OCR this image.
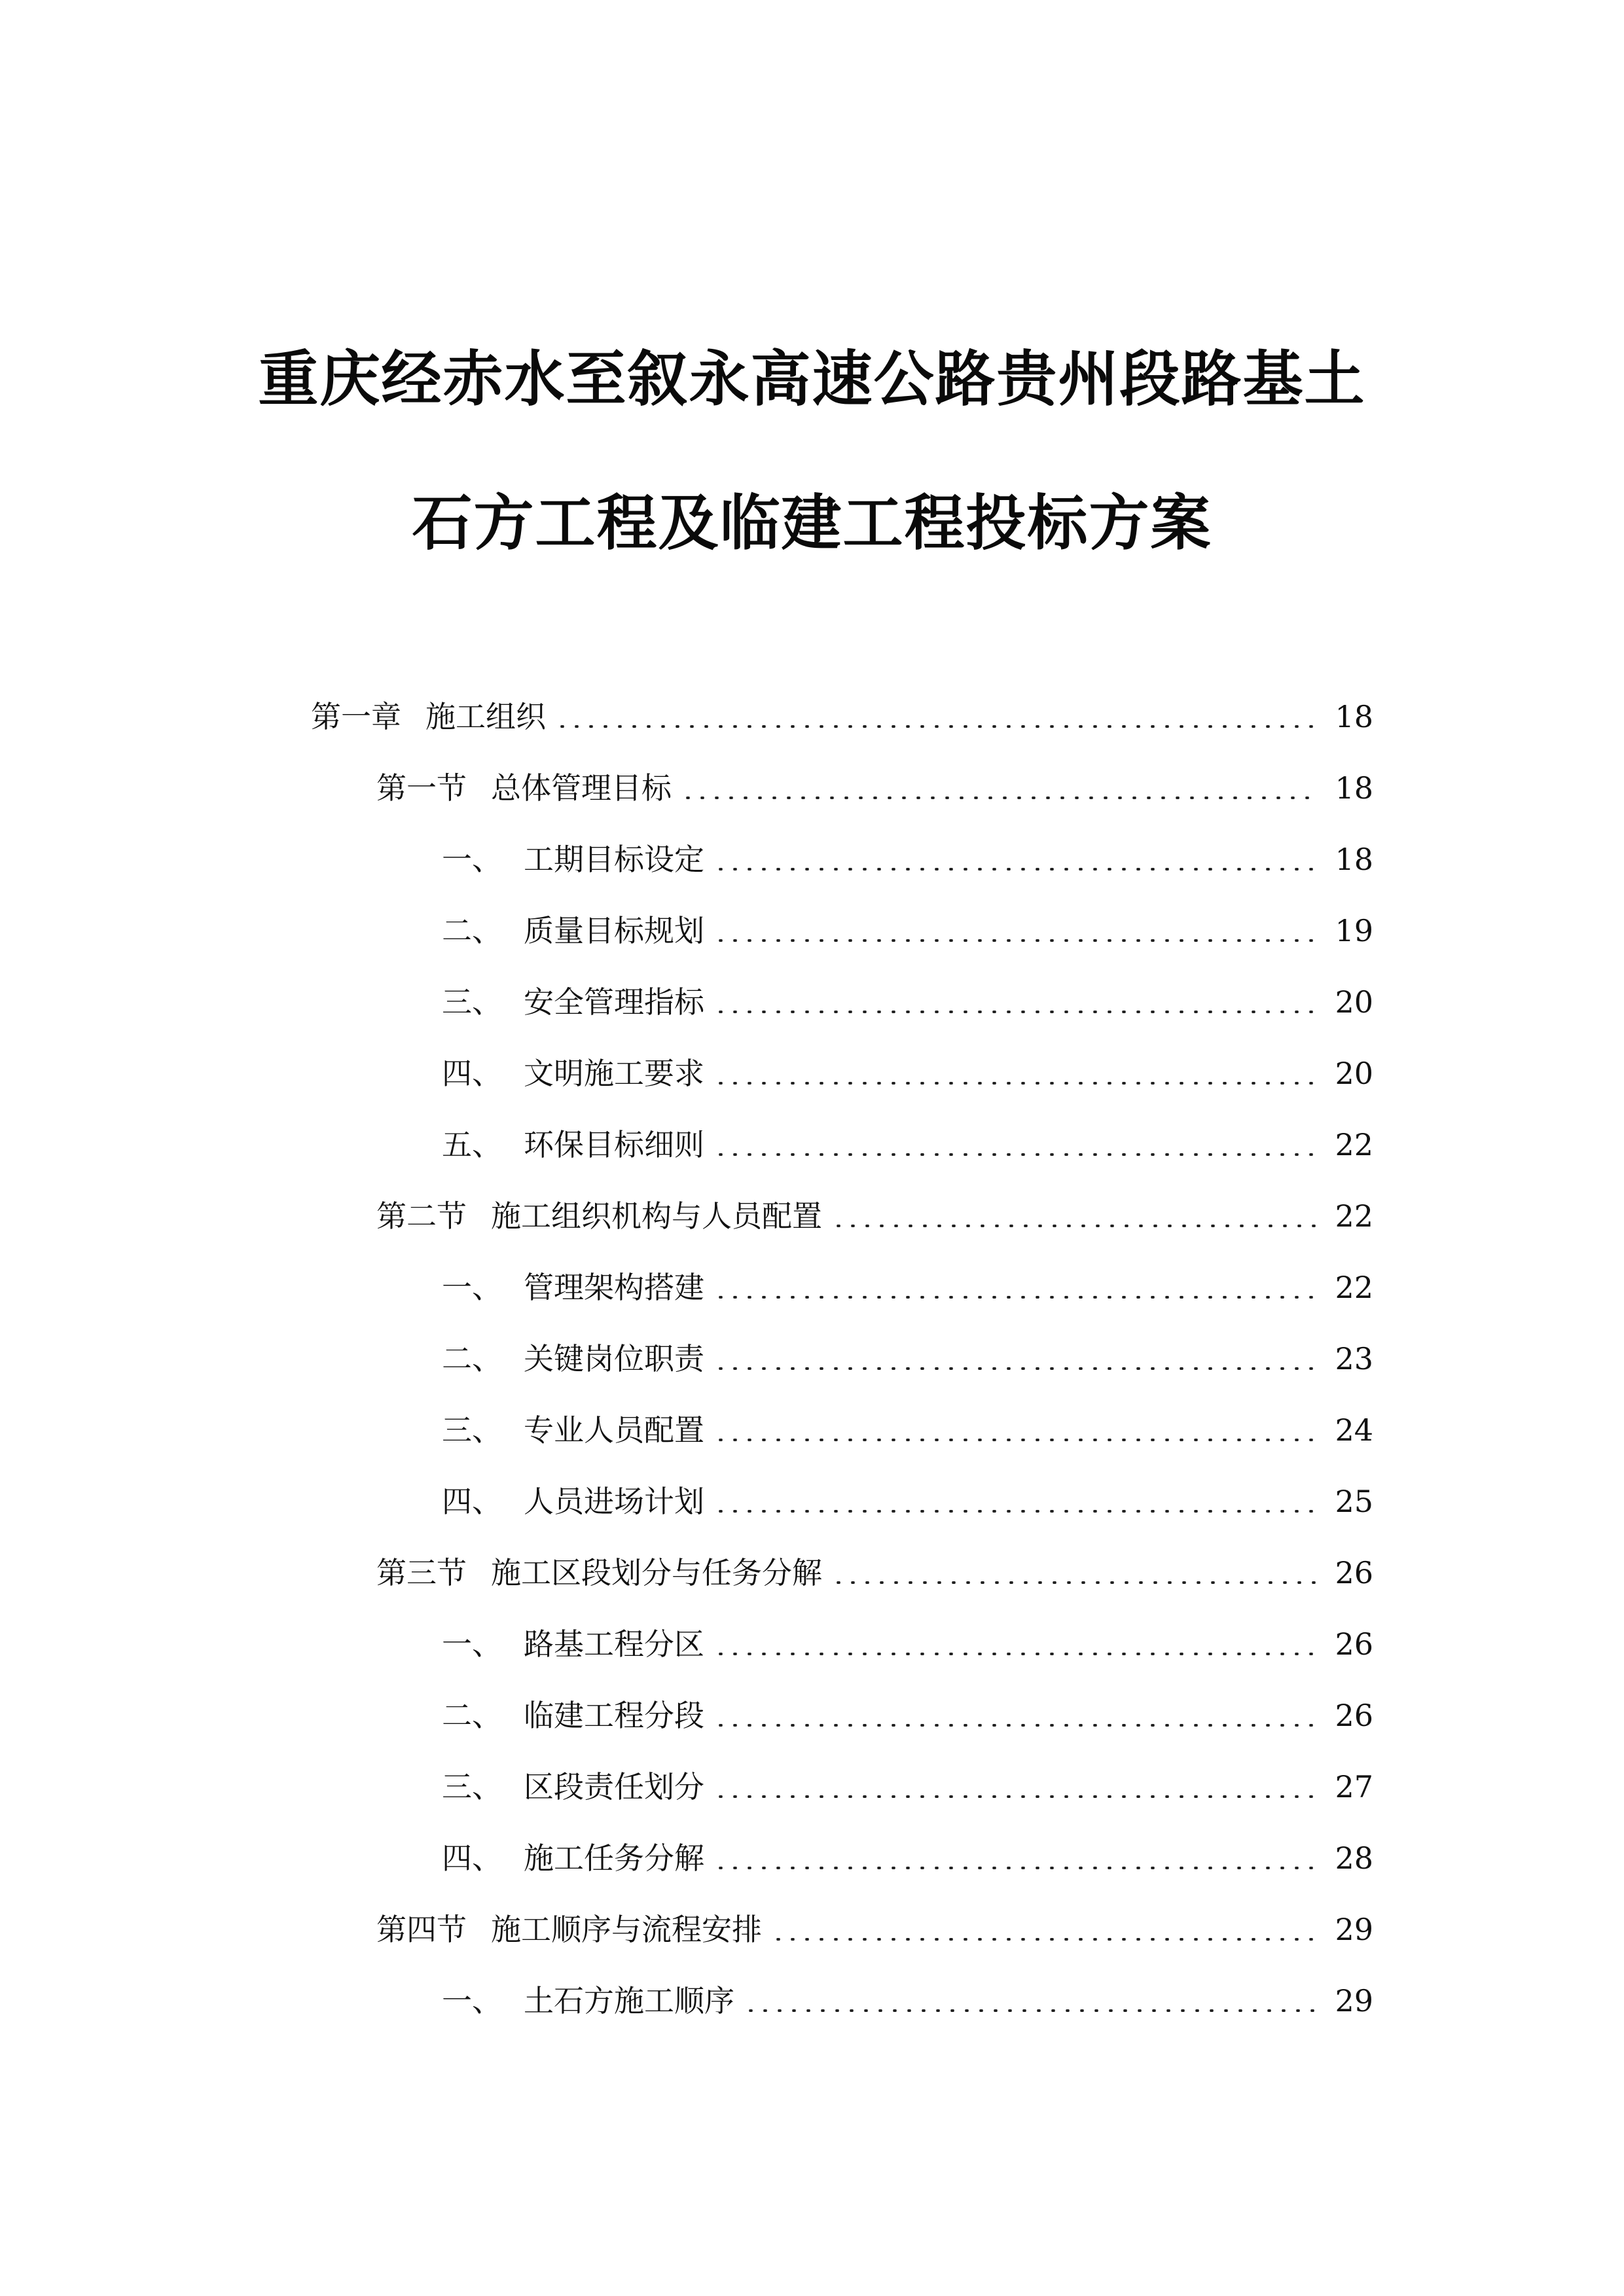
重庆经赤水至叙永高速公路贵州段路基土
石方工程及临建工程投标方案
第一章 施工组织	18
第一节 总体管理目标	18
一、 工期目标设定	18
二、 质量目标规划	19
三、 安全管理指标	20
四、 文明施工要求	20
五、 环保目标细则	22
第二节 施工组织机构与人员配置	22
一、 管理架构搭建	22
二、 关键岗位职责	23
三、 专业人员配置	24
四、 人员进场计划	25
第三节 施工区段划分与任务分解	26
一、 路基工程分区	26
二、 临建工程分段	26
三、 区段责任划分	27
四、 施工任务分解	28
第四节 施工顺序与流程安排	29
一、 土石方施工顺序	29
